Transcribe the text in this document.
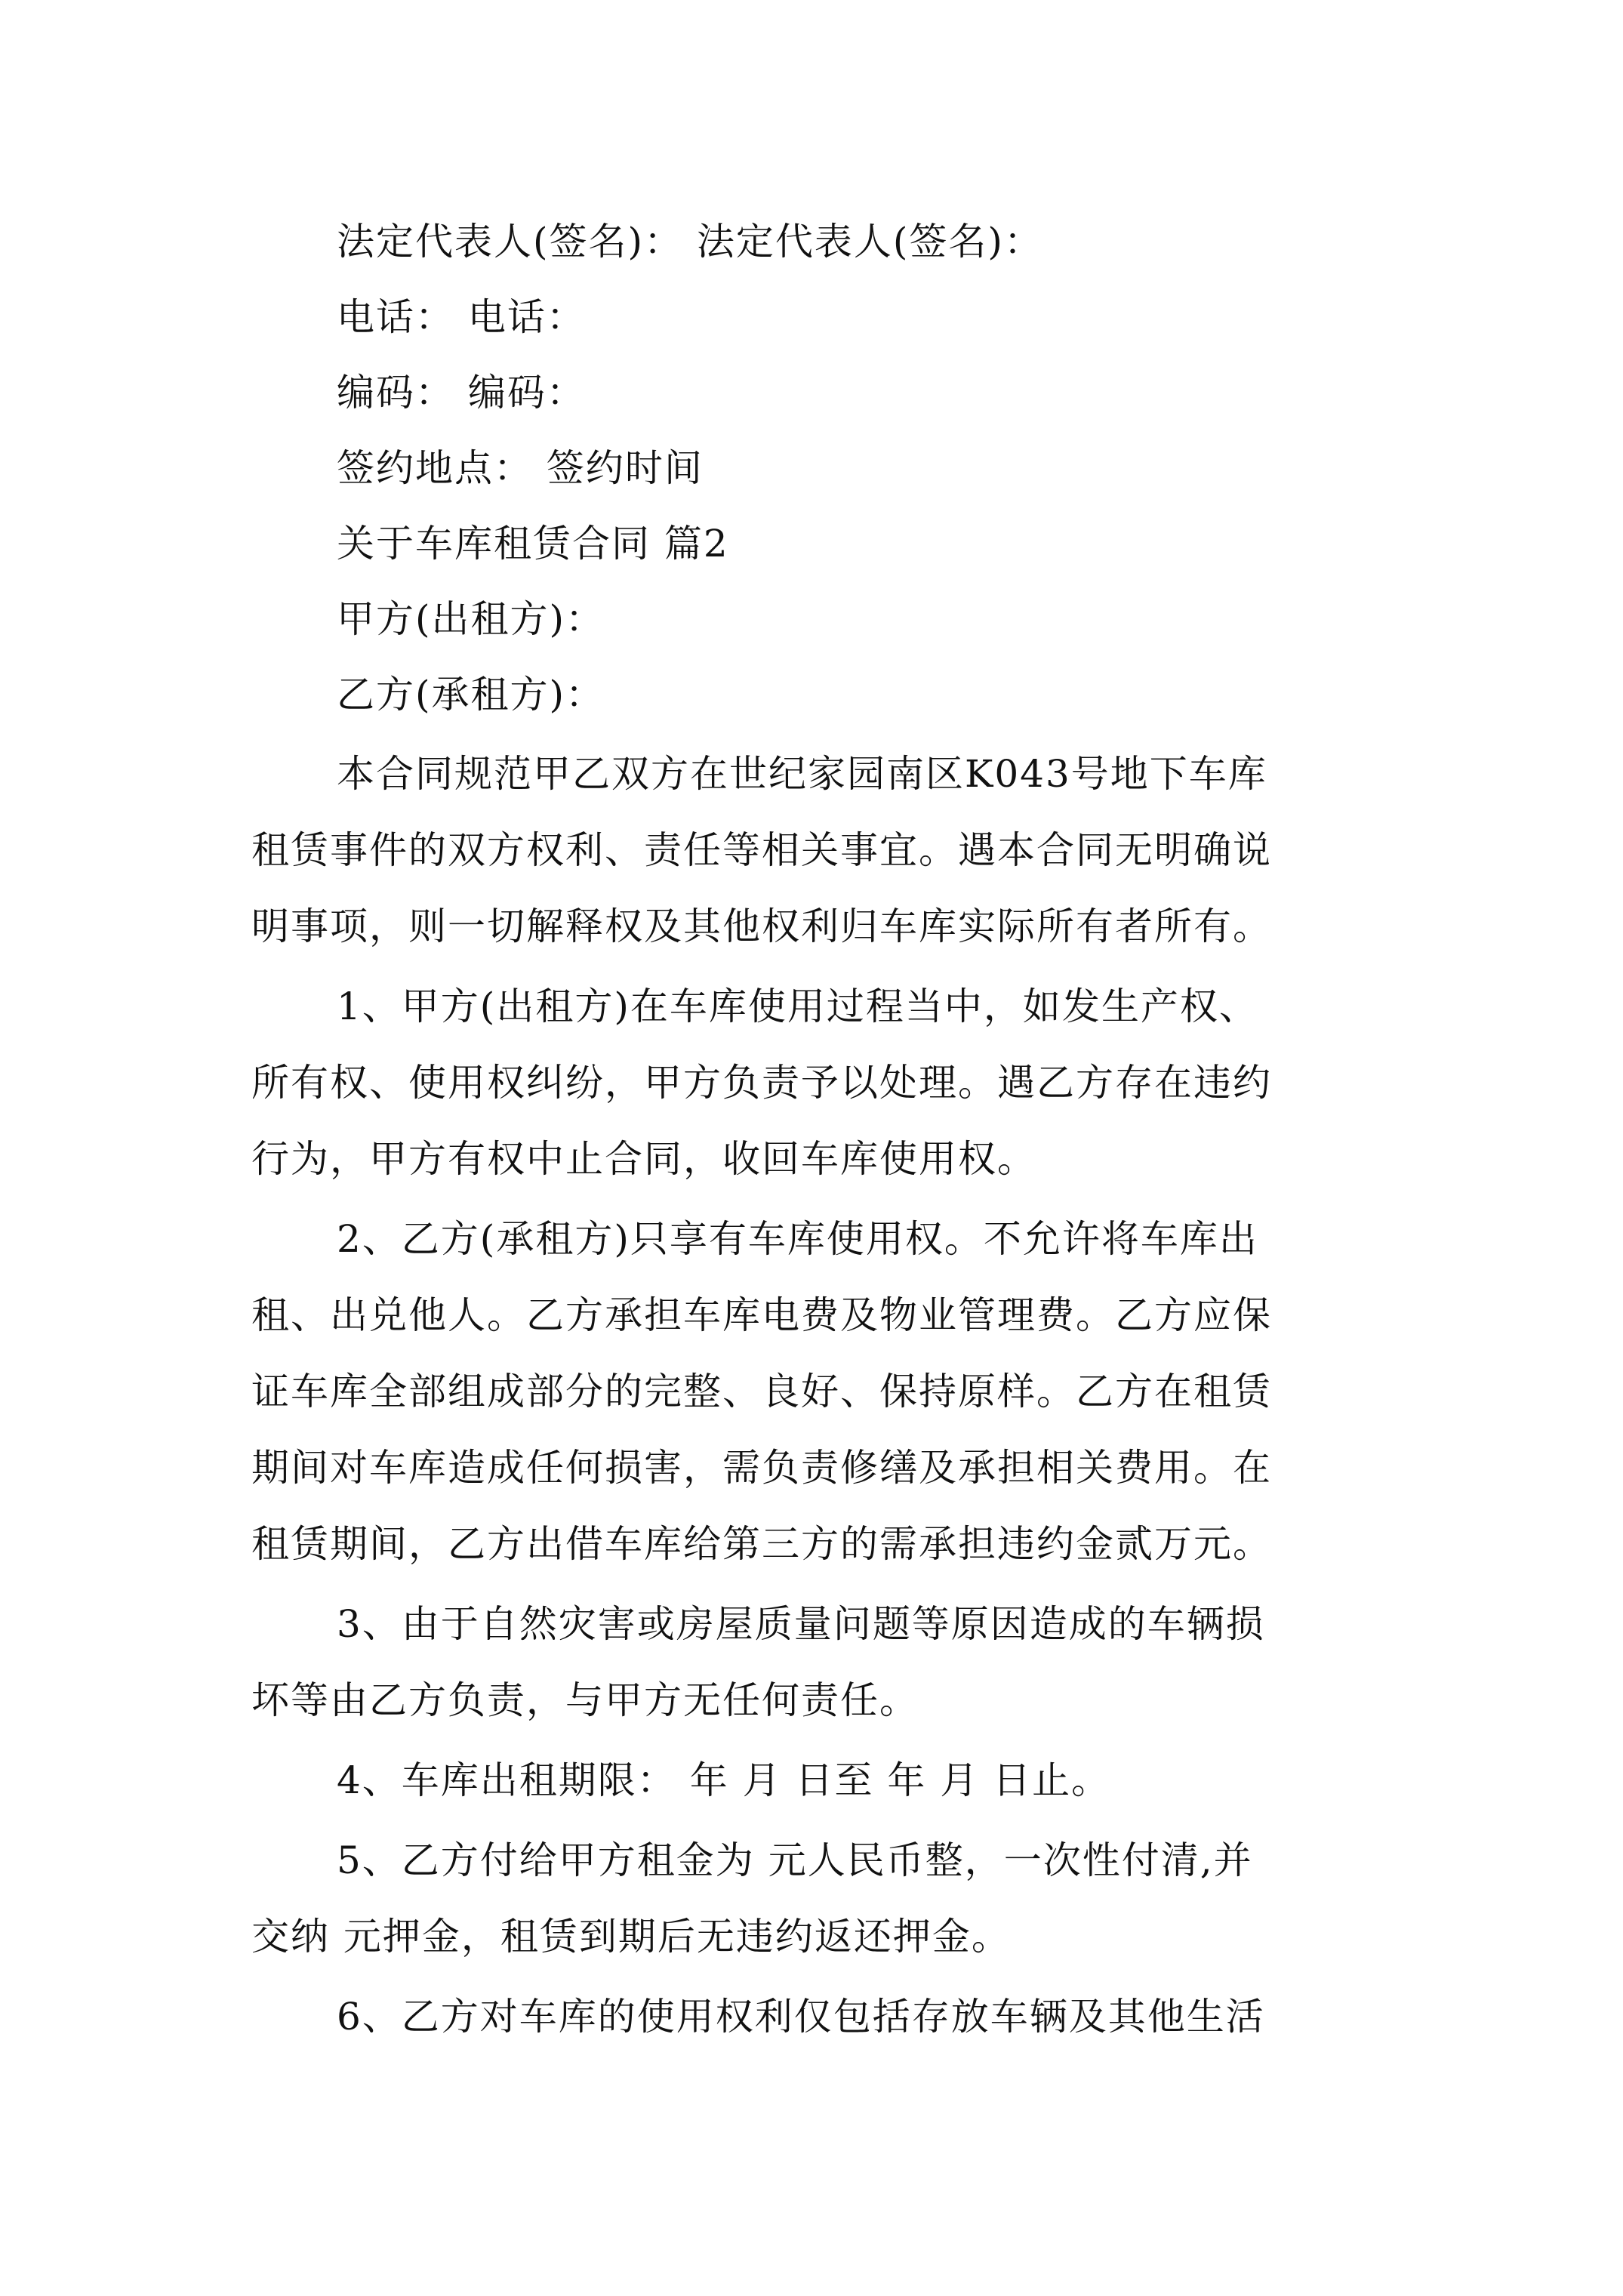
法定代表人(签名)： 法定代表人(签名)：
电话： 电话：
编码： 编码：
签约地点： 签约时间
关于车库租赁合同 篇2
甲方(出租方)：
乙方(承租方)：
本合同规范甲乙双方在世纪家园南区K043号地下车库
租赁事件的双方权利、责任等相关事宜。遇本合同无明确说
明事项，则一切解释权及其他权利归车库实际所有者所有。
1、甲方(出租方)在车库使用过程当中，如发生产权、
所有权、使用权纠纷，甲方负责予以处理。遇乙方存在违约
行为，甲方有权中止合同，收回车库使用权。
2、乙方(承租方)只享有车库使用权。不允许将车库出
租、出兑他人。乙方承担车库电费及物业管理费。乙方应保
证车库全部组成部分的完整、良好、保持原样。乙方在租赁
期间对车库造成任何损害，需负责修缮及承担相关费用。在
租赁期间，乙方出借车库给第三方的需承担违约金贰万元。
3、由于自然灾害或房屋质量问题等原因造成的车辆损
坏等由乙方负责，与甲方无任何责任。
4、车库出租期限： 年 月 日至 年 月 日止。
5、乙方付给甲方租金为 元人民币整，一次性付清,并
交纳 元押金，租赁到期后无违约返还押金。
6、乙方对车库的使用权利仅包括存放车辆及其他生活
